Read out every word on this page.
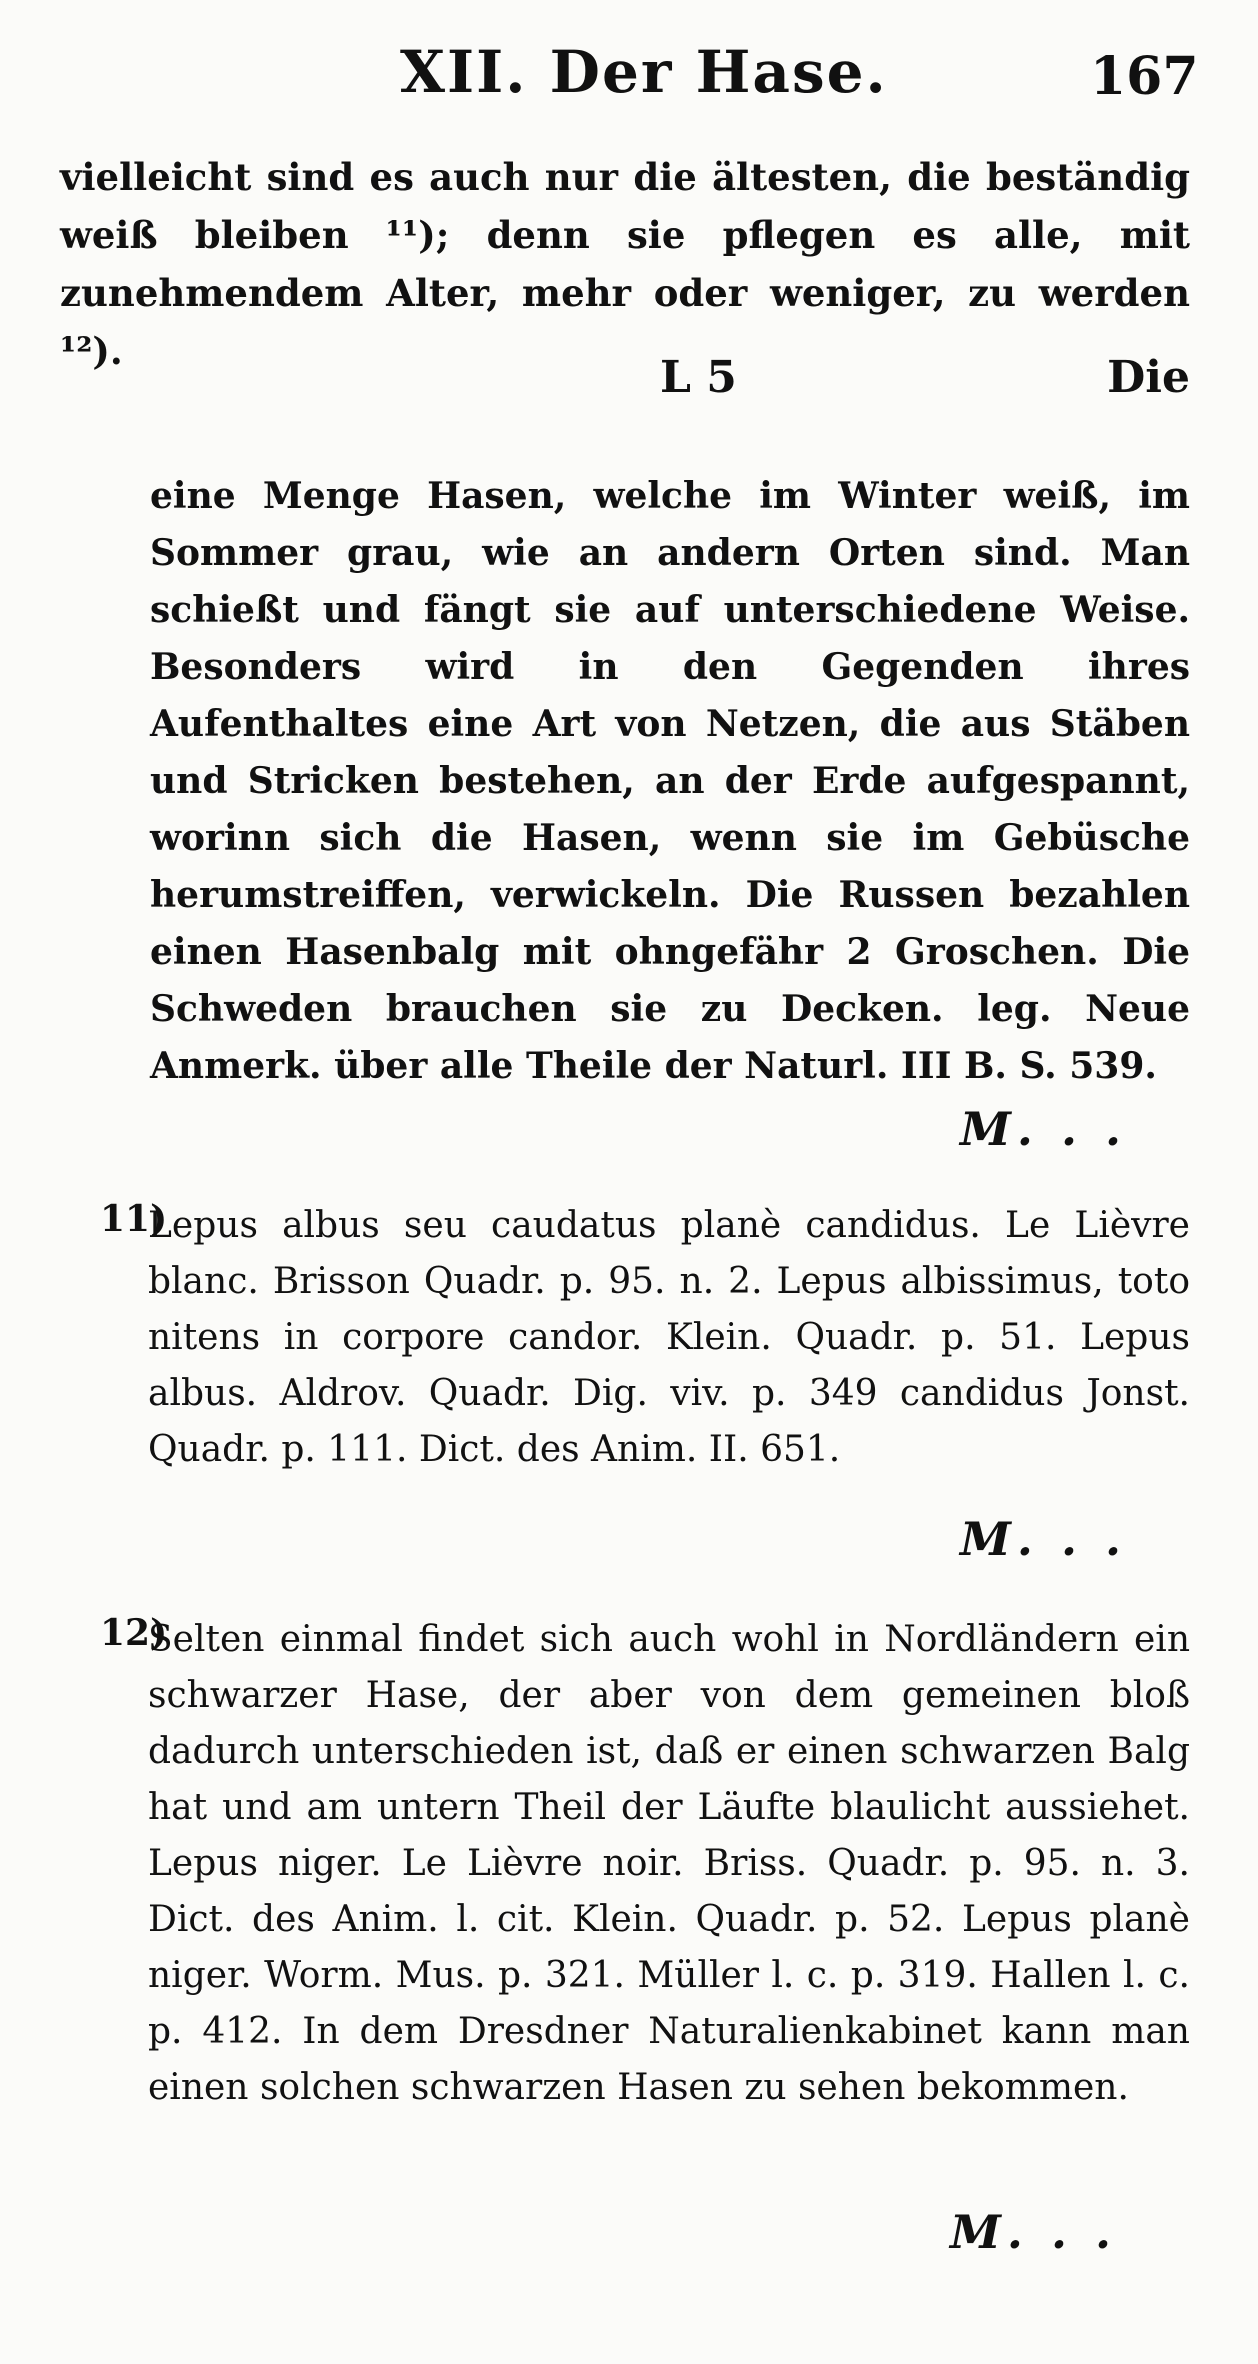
XII. Der Hase.	167
vielleicht sind es auch nur die ältesten, die beständig weiß bleiben ¹¹); denn sie pflegen es alle, mit zunehmendem Alter, mehr oder weniger, zu werden ¹²).
L 5	Die
eine Menge Hasen, welche im Winter weiß, im Sommer grau, wie an andern Orten sind. Man schießt und fängt sie auf unterschiedene Weise. Besonders wird in den Gegenden ihres Aufenthaltes eine Art von Netzen, die aus Stäben und Stricken bestehen, an der Erde aufgespannt, worinn sich die Hasen, wenn sie im Gebüsche herumstreiffen, verwickeln. Die Russen bezahlen einen Hasenbalg mit ohngefähr 2 Groschen. Die Schweden brauchen sie zu Decken. leg. Neue Anmerk. über alle Theile der Naturl. III B. S. 539.
M. . .
11)
Lepus albus seu caudatus planè candidus. Le Lièvre blanc. Brisson Quadr. p. 95. n. 2. Lepus albissimus, toto nitens in corpore candor. Klein. Quadr. p. 51. Lepus albus. Aldrov. Quadr. Dig. viv. p. 349 candidus Jonst. Quadr. p. 111. Dict. des Anim. II. 651.
M. . .
12)
Selten einmal findet sich auch wohl in Nordländern ein schwarzer Hase, der aber von dem gemeinen bloß dadurch unterschieden ist, daß er einen schwarzen Balg hat und am untern Theil der Läufte blaulicht aussiehet. Lepus niger. Le Lièvre noir. Briss. Quadr. p. 95. n. 3. Dict. des Anim. l. cit. Klein. Quadr. p. 52. Lepus planè niger. Worm. Mus. p. 321. Müller l. c. p. 319. Hallen l. c. p. 412. In dem Dresdner Naturalienkabinet kann man einen solchen schwarzen Hasen zu sehen bekommen.
M. . .
